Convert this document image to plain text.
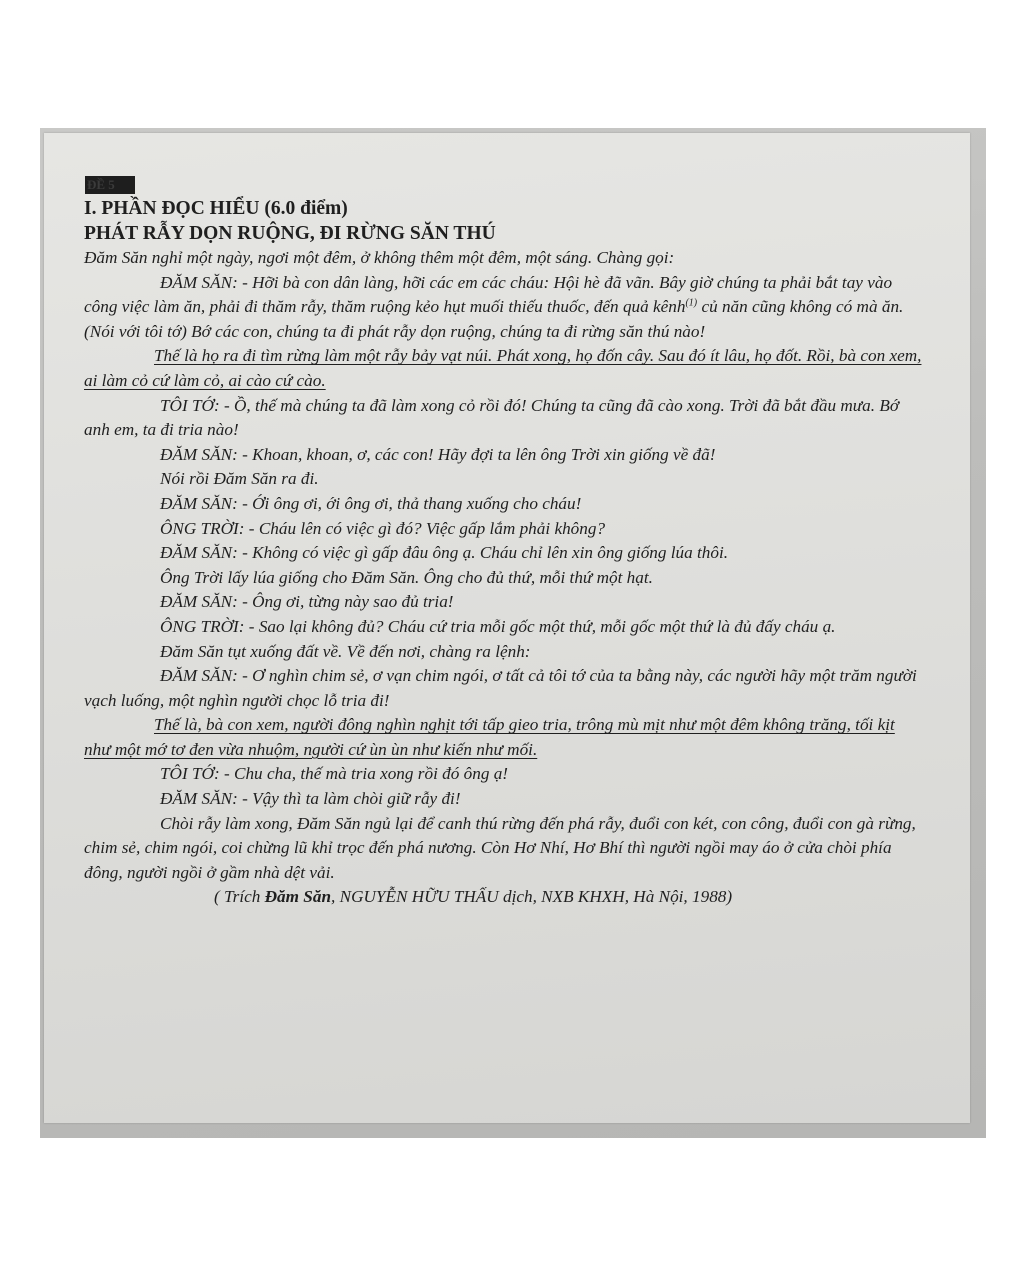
ĐỀ 5
I. PHẦN ĐỌC HIỂU (6.0 điểm)
PHÁT RẪY DỌN RUỘNG, ĐI RỪNG SĂN THÚ

Đăm Săn nghỉ một ngày, ngơi một đêm, ở không thêm một đêm, một sáng. Chàng gọi:

ĐĂM SĂN: - Hỡi bà con dân làng, hỡi các em các cháu: Hội hè đã vãn. Bây giờ chúng ta phải bắt tay vào công việc làm ăn, phải đi thăm rẫy, thăm ruộng kẻo hụt muối thiếu thuốc, đến quả kênh$^{(1)}$ củ năn cũng không có mà ăn. (Nói với tôi tớ) Bớ các con, chúng ta đi phát rẫy dọn ruộng, chúng ta đi rừng săn thú nào!

Thế là họ ra đi tìm rừng làm một rẫy bảy vạt núi. Phát xong, họ đốn cây. Sau đó ít lâu, họ đốt. Rồi, bà con xem, ai làm cỏ cứ làm cỏ, ai cào cứ cào.

TÔI TỚ: - Ồ, thế mà chúng ta đã làm xong cỏ rồi đó! Chúng ta cũng đã cào xong. Trời đã bắt đầu mưa. Bớ anh em, ta đi tria nào!

ĐĂM SĂN: - Khoan, khoan, ơ, các con! Hãy đợi ta lên ông Trời xin giống về đã!

Nói rồi Đăm Săn ra đi.

ĐĂM SĂN: - Ới ông ơi, ới ông ơi, thả thang xuống cho cháu!

ÔNG TRỜI: - Cháu lên có việc gì đó? Việc gấp lắm phải không?

ĐĂM SĂN: - Không có việc gì gấp đâu ông ạ. Cháu chỉ lên xin ông giống lúa thôi.

Ông Trời lấy lúa giống cho Đăm Săn. Ông cho đủ thứ, mỗi thứ một hạt.

ĐĂM SĂN: - Ông ơi, từng này sao đủ tria!

ÔNG TRỜI: - Sao lại không đủ? Cháu cứ tria mỗi gốc một thứ, mỗi gốc một thứ là đủ đấy cháu ạ.

Đăm Săn tụt xuống đất về. Về đến nơi, chàng ra lệnh:

ĐĂM SĂN: - Ơ nghìn chim sẻ, ơ vạn chim ngói, ơ tất cả tôi tớ của ta bằng này, các người hãy một trăm người vạch luống, một nghìn người chọc lỗ tria đi!

Thế là, bà con xem, người đông nghìn nghịt tới tấp gieo tria, trông mù mịt như một đêm không trăng, tối kịt như một mớ tơ đen vừa nhuộm, người cứ ùn ùn như kiến như mối.

TÔI TỚ: - Chu cha, thế mà tria xong rồi đó ông ạ!

ĐĂM SĂN: - Vậy thì ta làm chòi giữ rẫy đi!

Chòi rẫy làm xong, Đăm Săn ngủ lại để canh thú rừng đến phá rẫy, đuổi con két, con công, đuổi con gà rừng, chim sẻ, chim ngói, coi chừng lũ khỉ trọc đến phá nương. Còn Hơ Nhí, Hơ Bhí thì người ngồi may áo ở cửa chòi phía đông, người ngồi ở gầm nhà dệt vải.

( Trích Đăm Săn, NGUYỄN HỮU THẤU dịch, NXB KHXH, Hà Nội, 1988)
